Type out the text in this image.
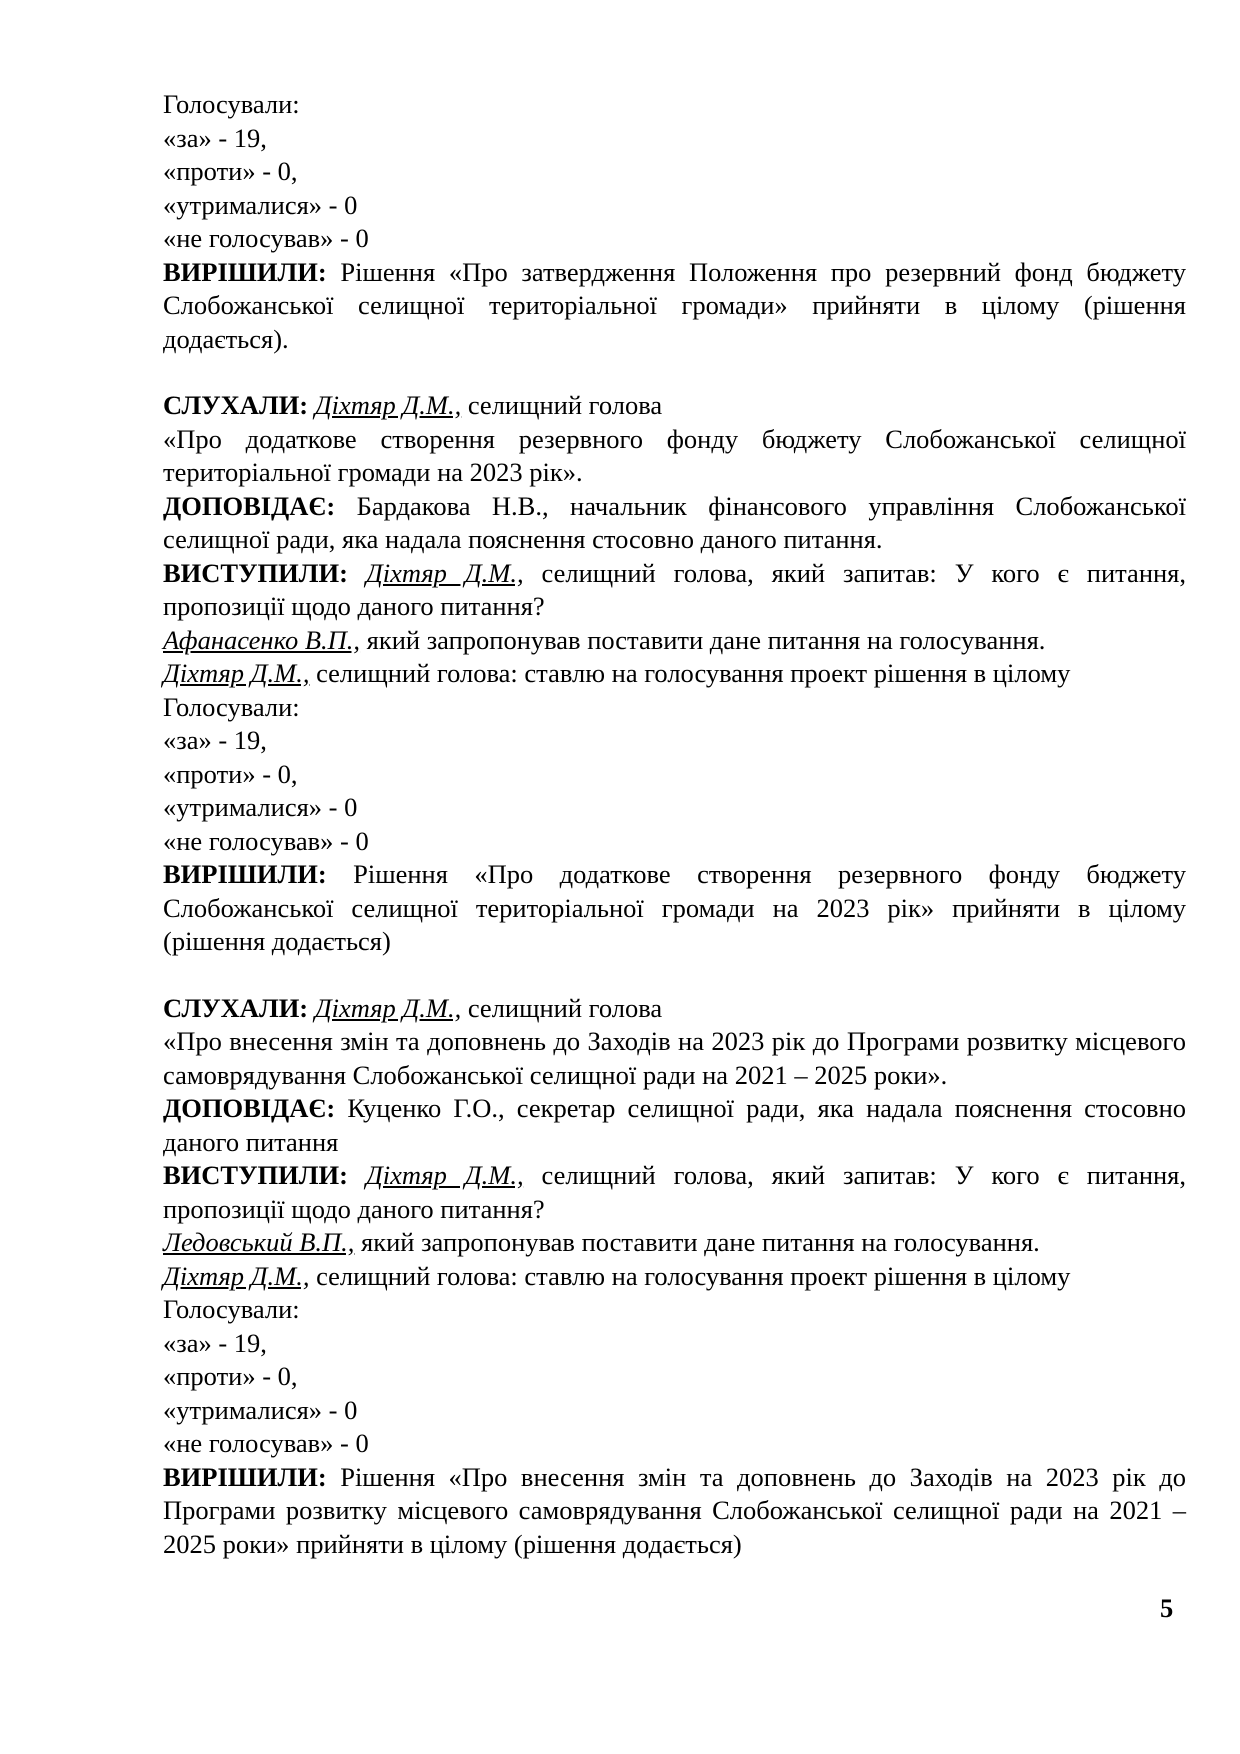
Голосували:

«за» - 19,

«проти» - 0,

«утрималися» - 0

«не голосував» - 0

ВИРІШИЛИ: Рішення «Про затвердження Положення про резервний фонд бюджету Слобожанської селищної територіальної громади» прийняти в цілому (рішення додається).

СЛУХАЛИ: Діхтяр Д.М., селищний голова

«Про додаткове створення резервного фонду бюджету Слобожанської селищної територіальної громади на 2023 рік».

ДОПОВІДАЄ: Бардакова Н.В., начальник фінансового управління Слобожанської селищної ради, яка надала пояснення стосовно даного питання.

ВИСТУПИЛИ: Діхтяр Д.М., селищний голова, який запитав: У кого є питання, пропозиції щодо даного питання?

Афанасенко В.П., який запропонував поставити дане питання на голосування.

Діхтяр Д.М., селищний голова: ставлю на голосування проект рішення в цілому

Голосували:

«за» - 19,

«проти» - 0,

«утрималися» - 0

«не голосував» - 0

ВИРІШИЛИ: Рішення «Про додаткове створення резервного фонду бюджету Слобожанської селищної територіальної громади на 2023 рік» прийняти в цілому (рішення додається)

СЛУХАЛИ: Діхтяр Д.М., селищний голова

«Про внесення змін та доповнень до Заходів на 2023 рік до Програми розвитку місцевого самоврядування Слобожанської селищної ради на 2021 – 2025 роки».

ДОПОВІДАЄ: Куценко Г.О., секретар селищної ради, яка надала пояснення стосовно даного питання

ВИСТУПИЛИ: Діхтяр Д.М., селищний голова, який запитав: У кого є питання, пропозиції щодо даного питання?

Ледовський В.П., який запропонував поставити дане питання на голосування.

Діхтяр Д.М., селищний голова: ставлю на голосування проект рішення в цілому

Голосували:

«за» - 19,

«проти» - 0,

«утрималися» - 0

«не голосував» - 0

ВИРІШИЛИ: Рішення «Про внесення змін та доповнень до Заходів на 2023 рік до Програми розвитку місцевого самоврядування Слобожанської селищної ради на 2021 – 2025 роки» прийняти в цілому (рішення додається)

5
